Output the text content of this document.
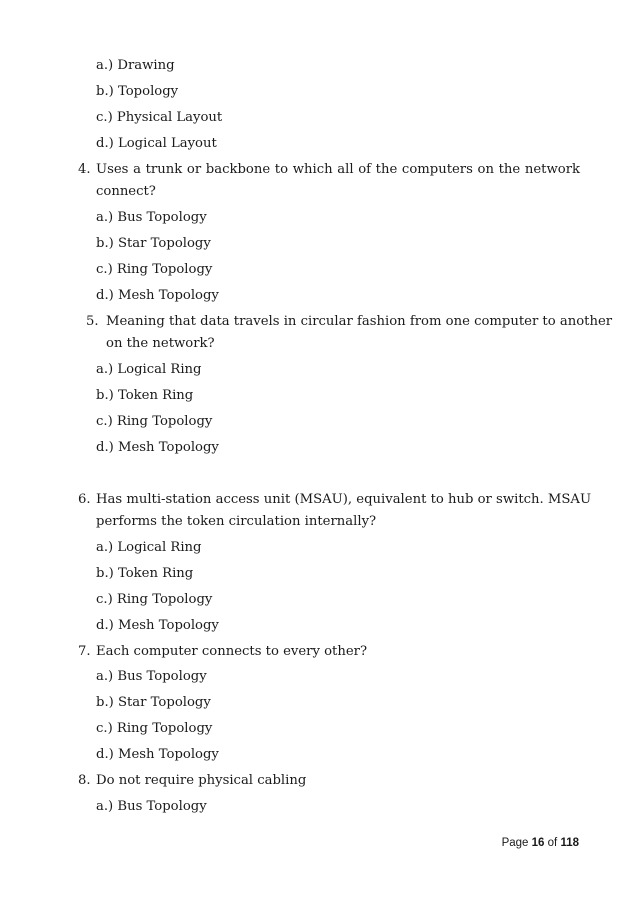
a.) Drawing
b.) Topology
c.) Physical Layout
d.) Logical Layout
4. Uses a trunk or backbone to which all of the computers on the network
connect?
a.) Bus Topology
b.) Star Topology
c.) Ring Topology
d.) Mesh Topology
5. Meaning that data travels in circular fashion from one computer to another
on the network?
a.) Logical Ring
b.) Token Ring
c.) Ring Topology
d.) Mesh Topology
6. Has multi-station access unit (MSAU), equivalent to hub or switch. MSAU
performs the token circulation internally?
a.) Logical Ring
b.) Token Ring
c.) Ring Topology
d.) Mesh Topology
7. Each computer connects to every other?
a.) Bus Topology
b.) Star Topology
c.) Ring Topology
d.) Mesh Topology
8. Do not require physical cabling
a.) Bus Topology
Page 16 of 118
